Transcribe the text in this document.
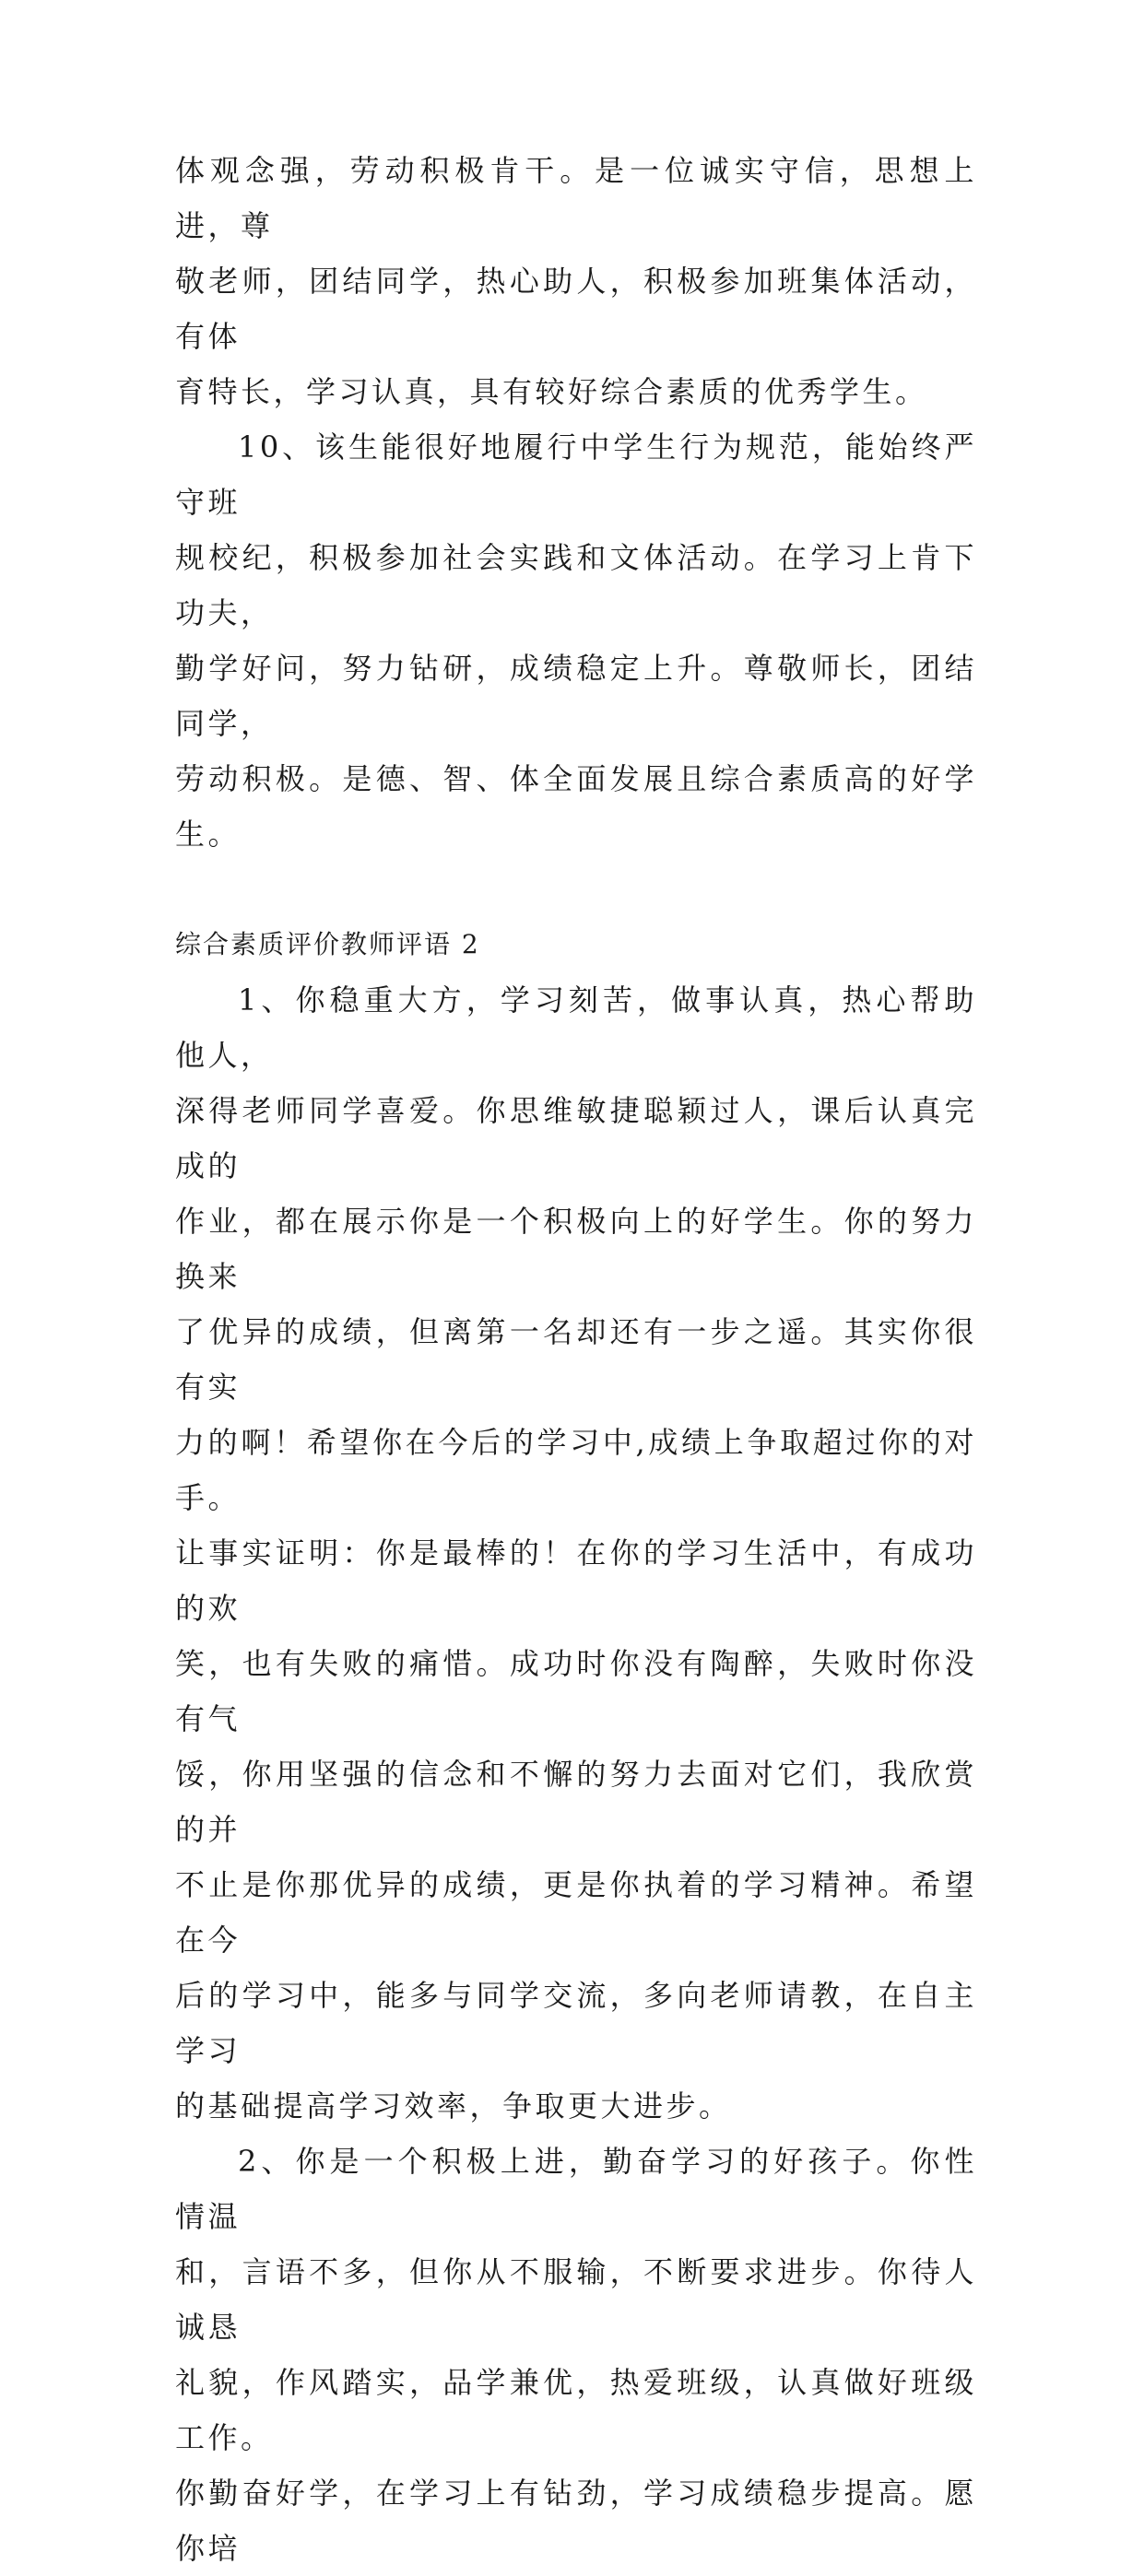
体观念强，劳动积极肯干。是一位诚实守信，思想上进，尊
敬老师，团结同学，热心助人，积极参加班集体活动，有体
育特长，学习认真，具有较好综合素质的优秀学生。

10、该生能很好地履行中学生行为规范，能始终严守班
规校纪，积极参加社会实践和文体活动。在学习上肯下功夫，
勤学好问，努力钻研，成绩稳定上升。尊敬师长，团结同学，
劳动积极。是德、智、体全面发展且综合素质高的好学生。

综合素质评价教师评语 2

1、你稳重大方，学习刻苦，做事认真，热心帮助他人，
深得老师同学喜爱。你思维敏捷聪颖过人，课后认真完成的
作业，都在展示你是一个积极向上的好学生。你的努力换来
了优异的成绩，但离第一名却还有一步之遥。其实你很有实
力的啊！希望你在今后的学习中,成绩上争取超过你的对手。
让事实证明：你是最棒的！在你的学习生活中，有成功的欢
笑，也有失败的痛惜。成功时你没有陶醉，失败时你没有气
馁，你用坚强的信念和不懈的努力去面对它们，我欣赏的并
不止是你那优异的成绩，更是你执着的学习精神。希望在今
后的学习中，能多与同学交流，多向老师请教，在自主学习
的基础提高学习效率，争取更大进步。

2、你是一个积极上进，勤奋学习的好孩子。你性情温
和，言语不多，但你从不服输，不断要求进步。你待人诚恳
礼貌，作风踏实，品学兼优，热爱班级，认真做好班级工作。
你勤奋好学，在学习上有钻劲，学习成绩稳步提高。愿你培
